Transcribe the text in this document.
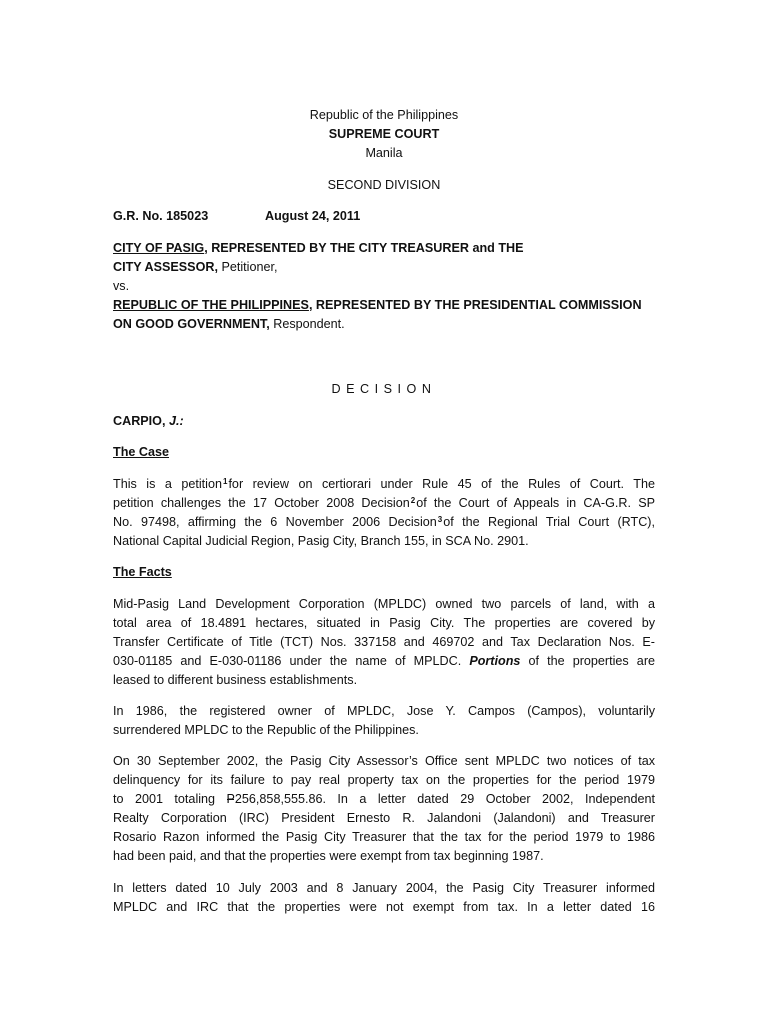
Republic of the Philippines
SUPREME COURT
Manila
SECOND DIVISION
G.R. No. 185023	August 24, 2011
CITY OF PASIG, REPRESENTED BY THE CITY TREASURER and THE CITY ASSESSOR, Petitioner,
vs.
REPUBLIC OF THE PHILIPPINES, REPRESENTED BY THE PRESIDENTIAL COMMISSION ON GOOD GOVERNMENT, Respondent.
DECISION
CARPIO, J.:
The Case
This is a petition$^1$for review on certiorari under Rule 45 of the Rules of Court. The
petition challenges the 17 October 2008 Decision$^2$of the Court of Appeals in CA-G.R. SP
No. 97498, affirming the 6 November 2006 Decision$^3$of the Regional Trial Court (RTC),
National Capital Judicial Region, Pasig City, Branch 155, in SCA No. 2901.
The Facts
Mid-Pasig Land Development Corporation (MPLDC) owned two parcels of land, with a
total area of 18.4891 hectares, situated in Pasig City. The properties are covered by
Transfer Certificate of Title (TCT) Nos. 337158 and 469702 and Tax Declaration Nos. E-
030-01185 and E-030-01186 under the name of MPLDC. Portions of the properties are
leased to different business establishments.
In 1986, the registered owner of MPLDC, Jose Y. Campos (Campos), voluntarily
surrendered MPLDC to the Republic of the Philippines.
On 30 September 2002, the Pasig City Assessor’s Office sent MPLDC two notices of tax
delinquency for its failure to pay real property tax on the properties for the period 1979
to 2001 totaling P256,858,555.86. In a letter dated 29 October 2002, Independent
Realty Corporation (IRC) President Ernesto R. Jalandoni (Jalandoni) and Treasurer
Rosario Razon informed the Pasig City Treasurer that the tax for the period 1979 to 1986
had been paid, and that the properties were exempt from tax beginning 1987.
In letters dated 10 July 2003 and 8 January 2004, the Pasig City Treasurer informed
MPLDC and IRC that the properties were not exempt from tax. In a letter dated 16
